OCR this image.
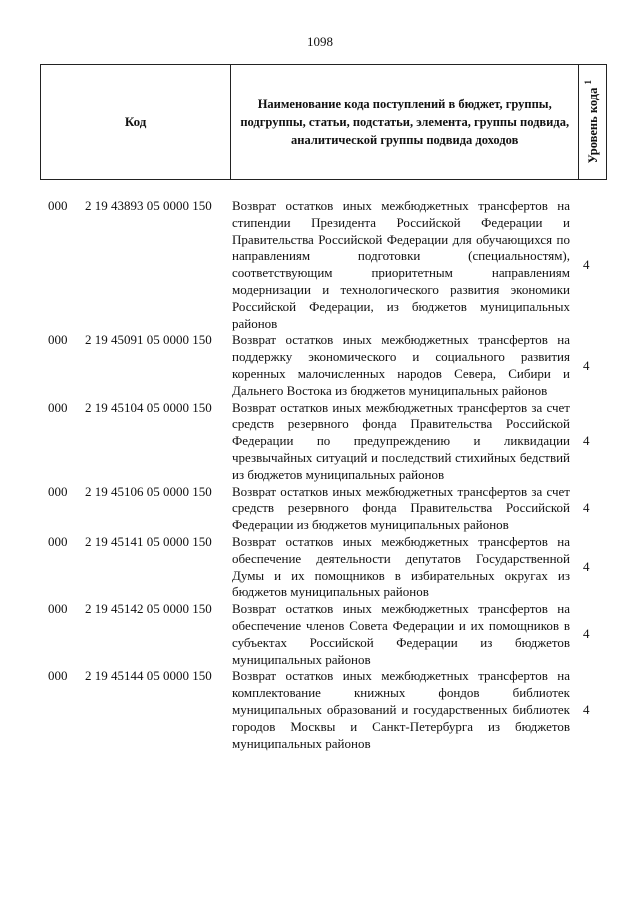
1098
Код
Наименование кода поступлений в бюджет, группы, подгруппы, статьи, подстатьи, элемента, группы подвида, аналитической группы подвида доходов	Уровень кода $^1$
000 2 19 43893 05 0000 150 Возврат остатков иных межбюджетных трансфертов на стипендии Президента Российской Федерации и Правительства Российской Федерации для обучающихся по направлениям подготовки (специальностям), соответствующим приоритетным направлениям модернизации и технологического развития экономики Российской Федерации, из бюджетов муниципальных районов
4
000 2 19 45091 05 0000 150 Возврат остатков иных межбюджетных трансфертов на поддержку экономического и социального развития коренных малочисленных народов Севера, Сибири и Дальнего Востока из бюджетов муниципальных районов
4
000 2 19 45104 05 0000 150 Возврат остатков иных межбюджетных трансфертов за счет средств резервного фонда Правительства Российской Федерации по предупреждению и ликвидации чрезвычайных ситуаций и последствий стихийных бедствий из бюджетов муниципальных районов
4
000 2 19 45106 05 0000 150 Возврат остатков иных межбюджетных трансфертов за счет средств резервного фонда Правительства Российской Федерации из бюджетов муниципальных районов
4
000 2 19 45141 05 0000 150 Возврат остатков иных межбюджетных трансфертов на обеспечение деятельности депутатов Государственной Думы и их помощников в избирательных округах из бюджетов муниципальных районов
4
000 2 19 45142 05 0000 150 Возврат остатков иных межбюджетных трансфертов на обеспечение членов Совета Федерации и их помощников в субъектах Российской Федерации из бюджетов муниципальных районов
4
000 2 19 45144 05 0000 150 Возврат остатков иных межбюджетных трансфертов на комплектование книжных фондов библиотек муниципальных образований и государственных библиотек городов Москвы и Санкт-Петербурга из бюджетов муниципальных районов
4
